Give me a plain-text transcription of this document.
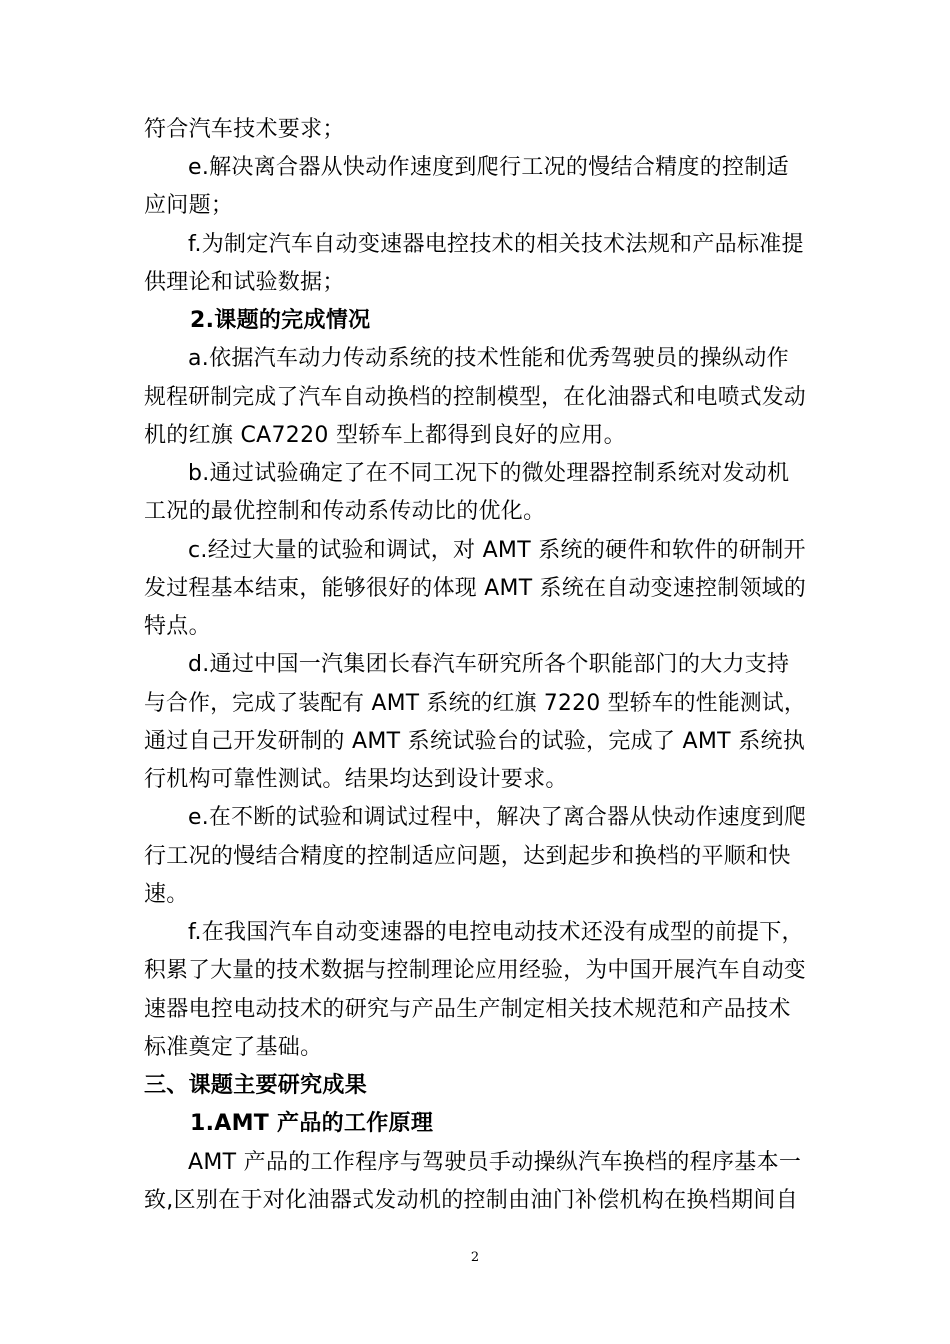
符合汽车技术要求；
e.解决离合器从快动作速度到爬行工况的慢结合精度的控制适
应问题；
f.为制定汽车自动变速器电控技术的相关技术法规和产品标准提
供理论和试验数据；
2.课题的完成情况
a.依据汽车动力传动系统的技术性能和优秀驾驶员的操纵动作
规程研制完成了汽车自动换档的控制模型，在化油器式和电喷式发动
机的红旗 CA7220 型轿车上都得到良好的应用。
b.通过试验确定了在不同工况下的微处理器控制系统对发动机
工况的最优控制和传动系传动比的优化。
c.经过大量的试验和调试，对 AMT 系统的硬件和软件的研制开
发过程基本结束，能够很好的体现 AMT 系统在自动变速控制领域的
特点。
d.通过中国一汽集团长春汽车研究所各个职能部门的大力支持
与合作，完成了装配有 AMT 系统的红旗 7220 型轿车的性能测试，
通过自己开发研制的 AMT 系统试验台的试验，完成了 AMT 系统执
行机构可靠性测试。结果均达到设计要求。
e.在不断的试验和调试过程中，解决了离合器从快动作速度到爬
行工况的慢结合精度的控制适应问题，达到起步和换档的平顺和快
速。
f.在我国汽车自动变速器的电控电动技术还没有成型的前提下，
积累了大量的技术数据与控制理论应用经验，为中国开展汽车自动变
速器电控电动技术的研究与产品生产制定相关技术规范和产品技术
标准奠定了基础。
三、课题主要研究成果
1.AMT 产品的工作原理
AMT 产品的工作程序与驾驶员手动操纵汽车换档的程序基本一
致,区别在于对化油器式发动机的控制由油门补偿机构在换档期间自
2
